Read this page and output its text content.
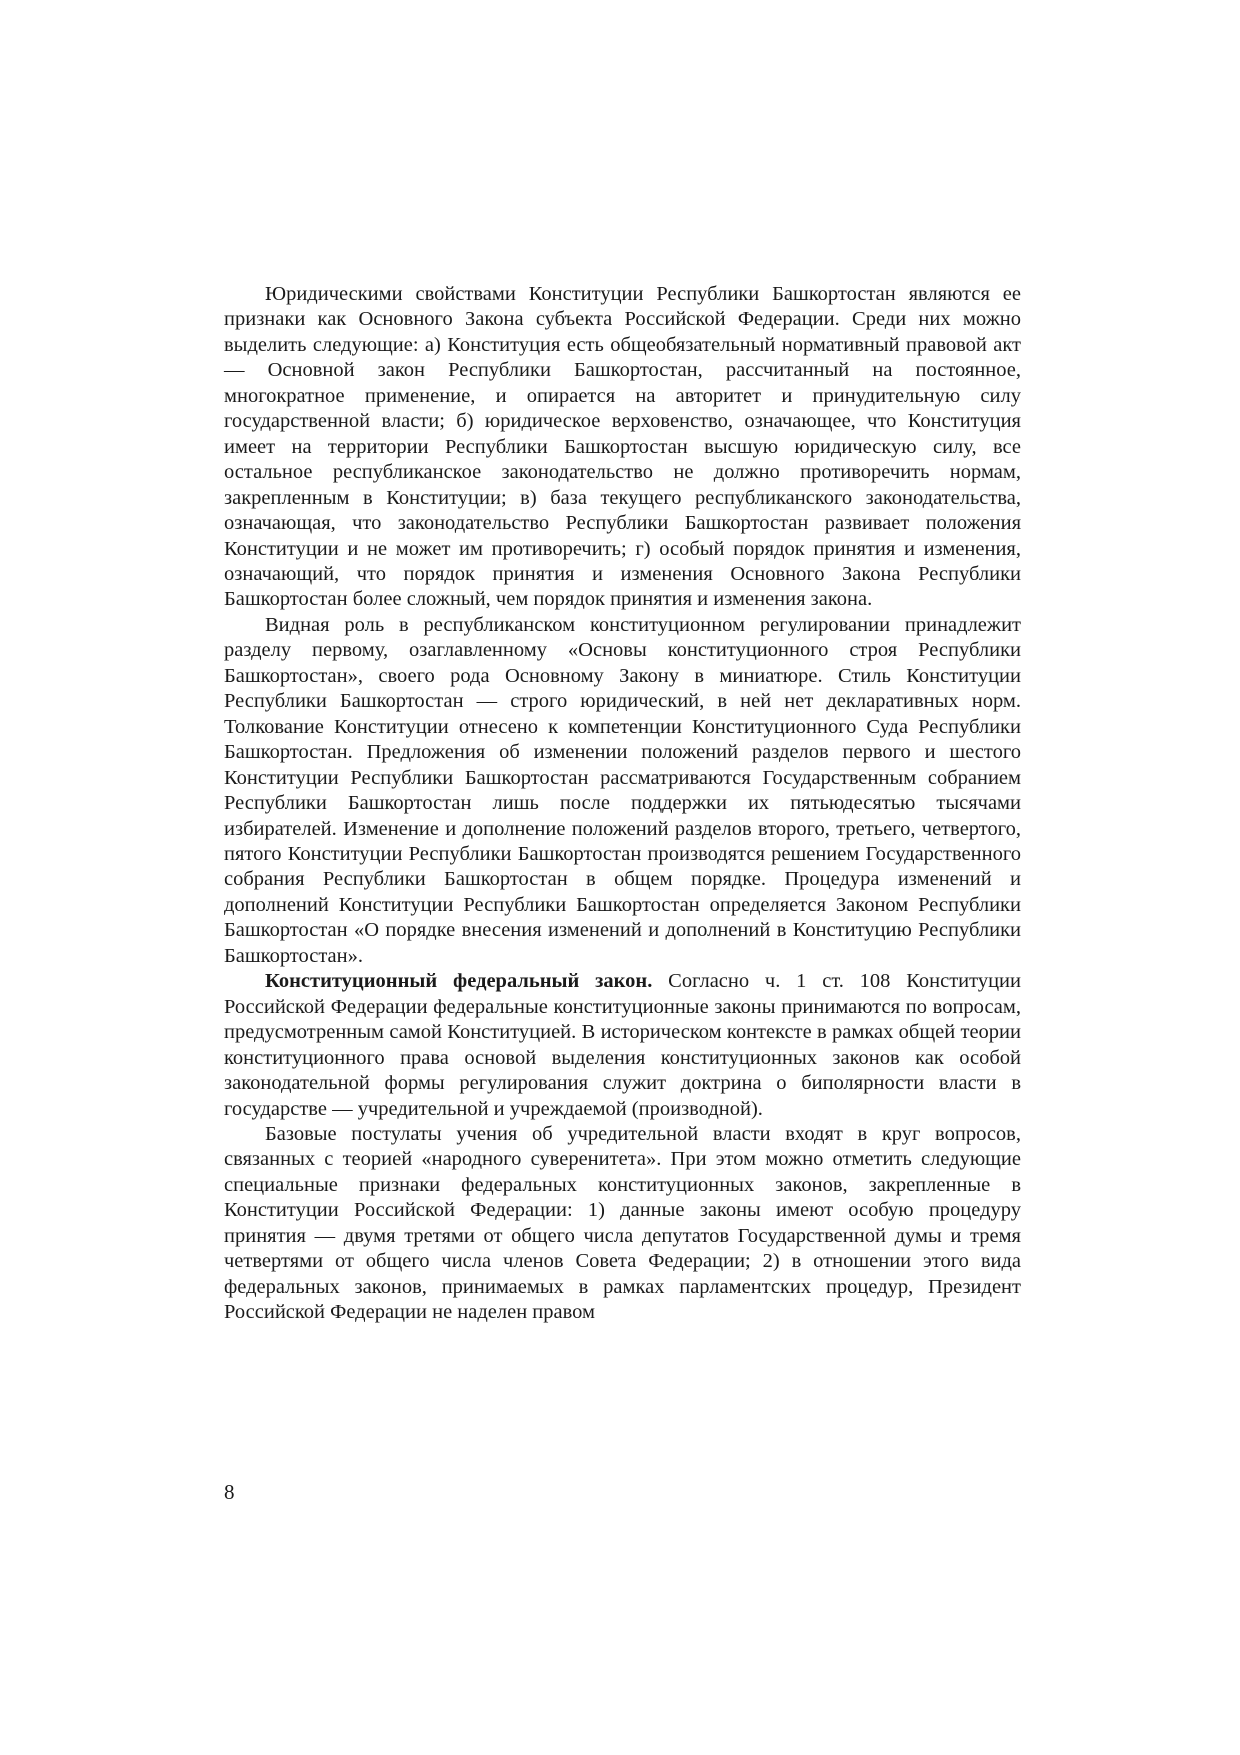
Юридическими свойствами Конституции Республики Башкортостан являются ее признаки как Основного Закона субъекта Российской Федерации. Среди них можно выделить следующие: а) Конституция есть общеобязательный нормативный правовой акт — Основной закон Республики Башкортостан, рассчитанный на постоянное, многократное применение, и опирается на авторитет и принудительную силу государственной власти; б) юридическое верховенство, означающее, что Конституция имеет на территории Республики Башкортостан высшую юридическую силу, все остальное республиканское законодательство не должно противоречить нормам, закрепленным в Конституции; в) база текущего республиканского законодательства, означающая, что законодательство Республики Башкортостан развивает положения Конституции и не может им противоречить; г) особый порядок принятия и изменения, означающий, что порядок принятия и изменения Основного Закона Республики Башкортостан более сложный, чем порядок принятия и изменения закона.

Видная роль в республиканском конституционном регулировании принадлежит разделу первому, озаглавленному «Основы конституционного строя Республики Башкортостан», своего рода Основному Закону в миниатюре. Стиль Конституции Республики Башкортостан — строго юридический, в ней нет декларативных норм. Толкование Конституции отнесено к компетенции Конституционного Суда Республики Башкортостан. Предложения об изменении положений разделов первого и шестого Конституции Республики Башкортостан рассматриваются Государственным собранием Республики Башкортостан лишь после поддержки их пятьюдесятью тысячами избирателей. Изменение и дополнение положений разделов второго, третьего, четвертого, пятого Конституции Республики Башкортостан производятся решением Государственного собрания Республики Башкортостан в общем порядке. Процедура изменений и дополнений Конституции Республики Башкортостан определяется Законом Республики Башкортостан «О порядке внесения изменений и дополнений в Конституцию Республики Башкортостан».

Конституционный федеральный закон. Согласно ч. 1 ст. 108 Конституции Российской Федерации федеральные конституционные законы принимаются по вопросам, предусмотренным самой Конституцией. В историческом контексте в рамках общей теории конституционного права основой выделения конституционных законов как особой законодательной формы регулирования служит доктрина о биполярности власти в государстве — учредительной и учреждаемой (производной).

Базовые постулаты учения об учредительной власти входят в круг вопросов, связанных с теорией «народного суверенитета». При этом можно отметить следующие специальные признаки федеральных конституционных законов, закрепленные в Конституции Российской Федерации: 1) данные законы имеют особую процедуру принятия — двумя третями от общего числа депутатов Государственной думы и тремя четвертями от общего числа членов Совета Федерации; 2) в отношении этого вида федеральных законов, принимаемых в рамках парламентских процедур, Президент Российской Федерации не наделен правом

8
